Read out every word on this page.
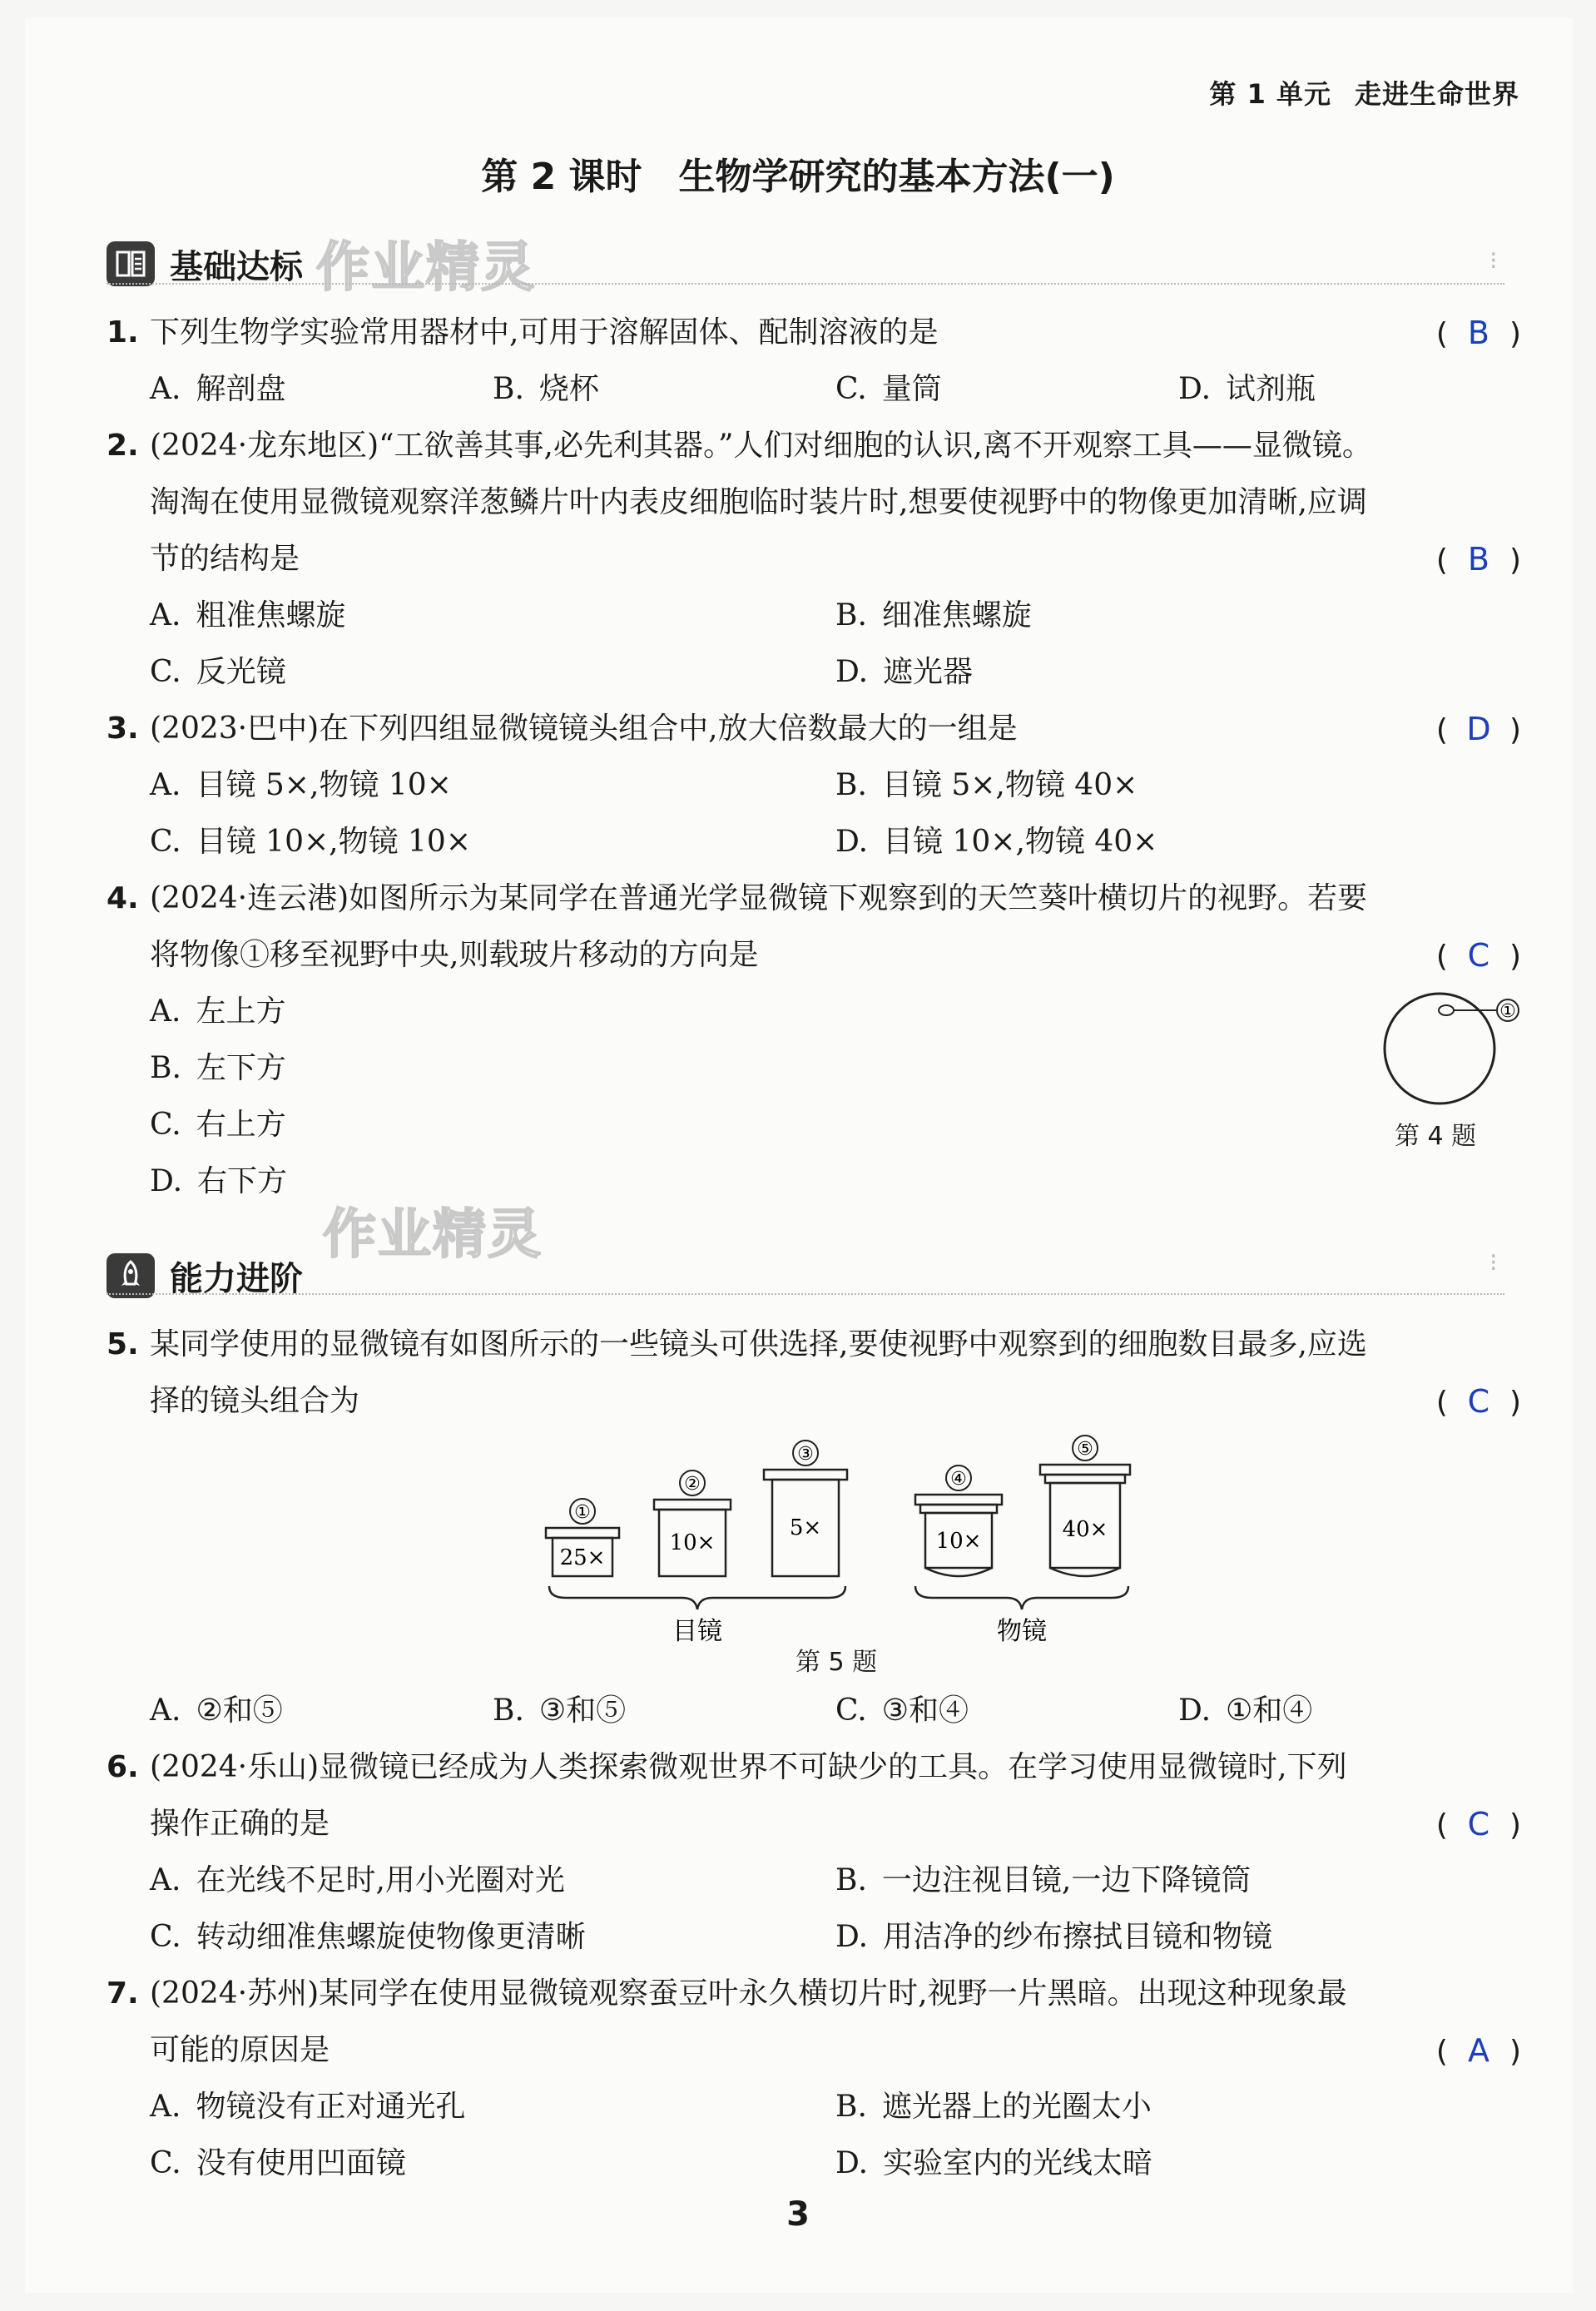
第 1 单元 走进生命世界
第 2 课时 生物学研究的基本方法(一)
基础达标 作业精灵	⁝
1. 下列生物学实验常用器材中,可用于溶解固体、配制溶液的是	( B )
A. 解剖盘	B. 烧杯	C. 量筒	D. 试剂瓶
2. (2024·龙东地区)“工欲善其事,必先利其器。”人们对细胞的认识,离不开观察工具——显微镜。
淘淘在使用显微镜观察洋葱鳞片叶内表皮细胞临时装片时,想要使视野中的物像更加清晰,应调
节的结构是	( B )
A. 粗准焦螺旋	B. 细准焦螺旋
C. 反光镜	D. 遮光器
3. (2023·巴中)在下列四组显微镜镜头组合中,放大倍数最大的一组是	( D )
A. 目镜 5×,物镜 10×	B. 目镜 5×,物镜 40×
C. 目镜 10×,物镜 10×	D. 目镜 10×,物镜 40×
4. (2024·连云港)如图所示为某同学在普通光学显微镜下观察到的天竺葵叶横切片的视野。若要
将物像①移至视野中央,则载玻片移动的方向是	( C )
A. 左上方
B. 左下方
C. 右上方
D. 右下方
①
第 4 题
能力进阶
作业精灵	⁝
5. 某同学使用的显微镜有如图所示的一些镜头可供选择,要使视野中观察到的细胞数目最多,应选
择的镜头组合为	( C )
①
25×
②
10×
③
5×
目镜
④
10×
⑤
40×
物镜
第 5 题
A. ②和⑤	B. ③和⑤	C. ③和④	D. ①和④
6. (2024·乐山)显微镜已经成为人类探索微观世界不可缺少的工具。在学习使用显微镜时,下列
操作正确的是	( C )
A. 在光线不足时,用小光圈对光	B. 一边注视目镜,一边下降镜筒
C. 转动细准焦螺旋使物像更清晰	D. 用洁净的纱布擦拭目镜和物镜
7. (2024·苏州)某同学在使用显微镜观察蚕豆叶永久横切片时,视野一片黑暗。出现这种现象最
可能的原因是	( A )
A. 物镜没有正对通光孔	B. 遮光器上的光圈太小
C. 没有使用凹面镜	D. 实验室内的光线太暗
3
